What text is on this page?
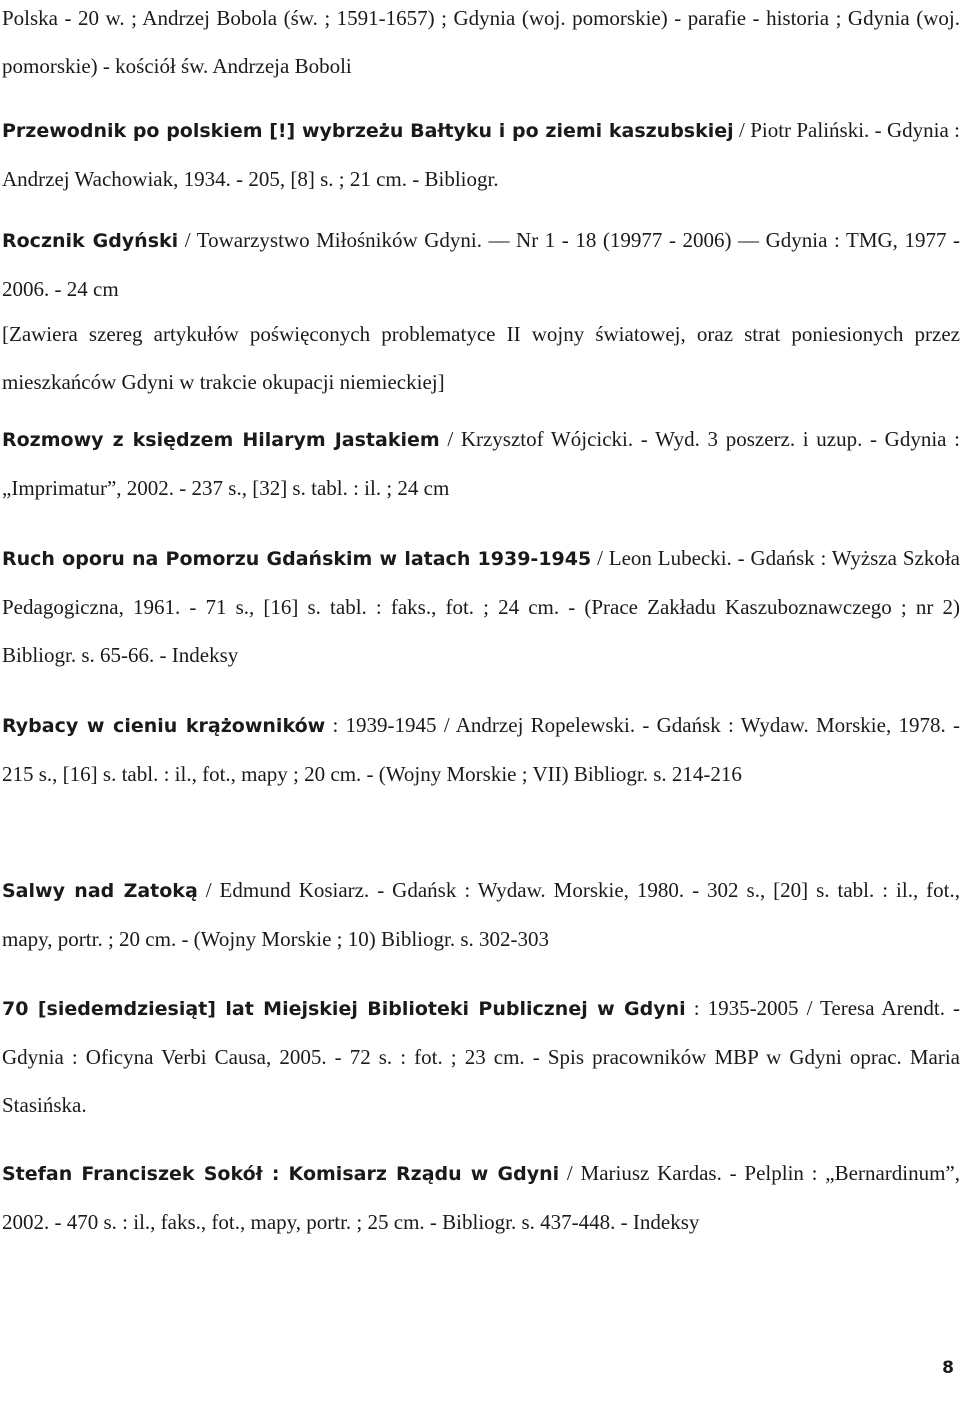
Polska - 20 w. ; Andrzej Bobola (św. ; 1591-1657) ; Gdynia (woj. pomorskie) - parafie - historia ; Gdynia (woj. pomorskie) - kościół św. Andrzeja Boboli

Przewodnik po polskiem [!] wybrzeżu Bałtyku i po ziemi kaszubskiej / Piotr Paliński. - Gdynia : Andrzej Wachowiak, 1934. - 205, [8] s. ; 21 cm. - Bibliogr.

Rocznik Gdyński / Towarzystwo Miłośników Gdyni. — Nr 1 - 18 (19977 - 2006) — Gdynia : TMG, 1977 - 2006. - 24 cm

[Zawiera szereg artykułów poświęconych problematyce II wojny światowej, oraz strat poniesionych przez mieszkańców Gdyni w trakcie okupacji niemieckiej]

Rozmowy z księdzem Hilarym Jastakiem / Krzysztof Wójcicki. - Wyd. 3 poszerz. i uzup. - Gdynia : „Imprimatur”, 2002. - 237 s., [32] s. tabl. : il. ; 24 cm

Ruch oporu na Pomorzu Gdańskim w latach 1939-1945 / Leon Lubecki. - Gdańsk : Wyższa Szkoła Pedagogiczna, 1961. - 71 s., [16] s. tabl. : faks., fot. ; 24 cm. - (Prace Zakładu Kaszuboznawczego ; nr 2) Bibliogr. s. 65-66. - Indeksy

Rybacy w cieniu krążowników : 1939-1945 / Andrzej Ropelewski. - Gdańsk : Wydaw. Morskie, 1978. - 215 s., [16] s. tabl. : il., fot., mapy ; 20 cm. - (Wojny Morskie ; VII) Bibliogr. s. 214-216

Salwy nad Zatoką / Edmund Kosiarz. - Gdańsk : Wydaw. Morskie, 1980. - 302 s., [20] s. tabl. : il., fot., mapy, portr. ; 20 cm. - (Wojny Morskie ; 10) Bibliogr. s. 302-303

70 [siedemdziesiąt] lat Miejskiej Biblioteki Publicznej w Gdyni : 1935-2005 / Teresa Arendt. - Gdynia : Oficyna Verbi Causa, 2005. - 72 s. : fot. ; 23 cm. - Spis pracowników MBP w Gdyni oprac. Maria Stasińska.

Stefan Franciszek Sokół : Komisarz Rządu w Gdyni / Mariusz Kardas. - Pelplin : „Bernardinum”, 2002. - 470 s. : il., faks., fot., mapy, portr. ; 25 cm. - Bibliogr. s. 437-448. - Indeksy

8
